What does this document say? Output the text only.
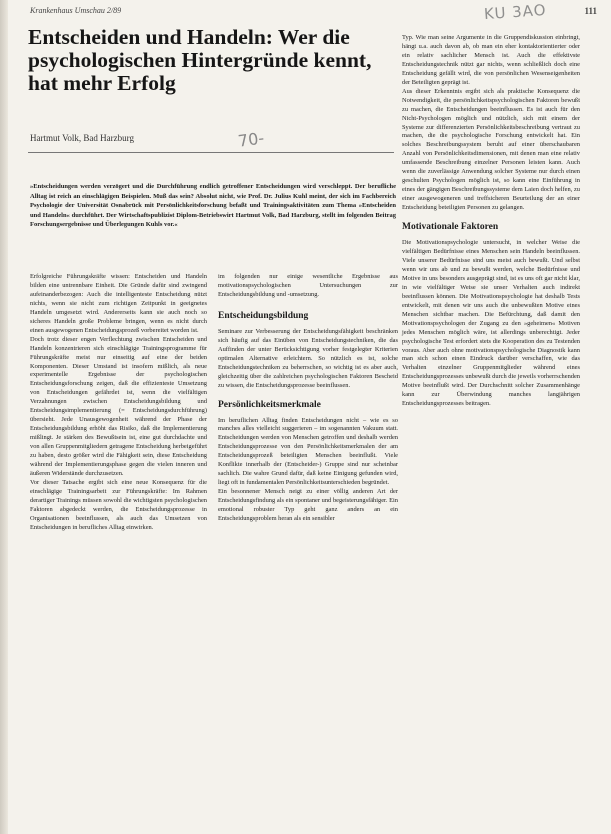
Krankenhaus Umschau 2/89	111
KU 3AO
Entscheiden und Handeln: Wer die psychologischen Hintergründe kennt, hat mehr Erfolg
Hartmut Volk, Bad Harzburg	70-
»Entscheidungen werden verzögert und die Durchführung endlich getroffener Entscheidungen wird verschleppt. Der berufliche Alltag ist reich an einschlägigen Beispielen. Muß das sein? Absolut nicht, wie Prof. Dr. Julius Kuhl meint, der sich im Fachbereich Psychologie der Universität Osnabrück mit Persönlichkeitsforschung befaßt und Trainingsaktivitäten zum Thema »Entscheiden und Handeln« durchführt. Der Wirtschaftspublizist Diplom-Betriebswirt Hartmut Volk, Bad Harzburg, stellt im folgenden Beitrag Forschungsergebnisse und Überlegungen Kuhls vor.«

Erfolgreiche Führungskräfte wissen: Entscheiden und Handeln bilden eine untrennbare Einheit. Die Gründe dafür sind zwingend aufeinanderbezogen: Auch die intelligenteste Entscheidung nützt nichts, wenn sie nicht zum richtigen Zeitpunkt in geeignetes Handeln umgesetzt wird. Andererseits kann sie auch noch so sicheres Handeln große Probleme bringen, wenn es nicht durch einen ausgewogenen Entscheidungsprozeß vorbereitet worden ist.

Doch trotz dieser engen Verflechtung zwischen Entscheiden und Handeln konzentrieren sich einschlägige Trainingsprogramme für Führungskräfte meist nur einseitig auf eine der beiden Komponenten. Dieser Umstand ist insofern mißlich, als neue experimentelle Ergebnisse der psychologischen Entscheidungsforschung zeigen, daß die effizienteste Umsetzung von Entscheidungen gefährdet ist, wenn die vielfältigen Verzahnungen zwischen Entscheidungsbildung und Entscheidungsimplementierung (= Entscheidungsdurchführung) übersieht. Jede Unausgewogenheit während der Phase der Entscheidungsbildung erhöht das Risiko, daß die Implementierung mißlingt. Je stärken des Bewußtsein ist, eine gut durchdachte und von allen Gruppenmitgliedern getragene Entscheidung herbeigeführt zu haben, desto größer wird die Fähigkeit sein, diese Entscheidung während der Implementierungsphase gegen die vielen inneren und äußeren Widerstände durchzusetzen.

Vor dieser Tatsache ergibt sich eine neue Konsequenz für die einschlägige Trainingsarbeit zur Führungskräfte: Im Rahmen derartiger Trainings müssen sowohl die wichtigsten psychologischen Faktoren abgedeckt werden, die Entscheidungsprozesse in Organisationen beeinflussen, als auch das Umsetzen von Entscheidungen in berufliches Alltag einwirken.

im folgenden nur einige wesentliche Ergebnisse aus motivationspsychologischen Untersuchungen zur Entscheidungsbildung und -umsetzung.

Entscheidungsbildung

Seminare zur Verbesserung der Entscheidungsfähigkeit beschränken sich häufig auf das Einüben von Entscheidungstechniken, die das Auffinden der unter Berücksichtigung vorher festgelegter Kriterien optimalen Alternative erleichtern. So nützlich es ist, solche Entscheidungstechniken zu beherrschen, so wichtig ist es aber auch, gleichzeitig über die zahlreichen psychologischen Faktoren Bescheid zu wissen, die Entscheidungsprozesse beeinflussen.

Persönlichkeitsmerkmale

Im beruflichen Alltag finden Entscheidungen nicht – wie es so manches alles vielleicht suggerieren – im sogenannten Vakuum statt. Entscheidungen werden von Menschen getroffen und deshalb werden Entscheidungsprozesse von den Persönlichkeitsmerkmalen der am Entscheidungsprozeß beteiligten Menschen beeinflußt. Viele Konflikte innerhalb der (Entscheider-) Gruppe sind nur scheinbar sachlich. Die wahre Grund dafür, daß keine Einigung gefunden wird, liegt oft in fundamentalen Persönlichkeitsunterschieden begründet.

Ein besonnener Mensch neigt zu einer völlig anderen Art der Entscheidungsfindung als ein spontaner und begeisterungsfähiger. Ein emotional robuster Typ geht ganz anders an ein Entscheidungsproblem heran als ein sensibler

Typ. Wie man seine Argumente in die Gruppendiskussion einbringt, hängt u.a. auch davon ab, ob man ein eher kontaktorientierter oder ein relativ sachlicher Mensch ist. Auch die effektivste Entscheidungstechnik nützt gar nichts, wenn schließlich doch eine Entscheidung gefällt wird, die von persönlichen Wesenseigenheiten der Beteiligten geprägt ist.

Aus dieser Erkenntnis ergibt sich als praktische Konsequenz die Notwendigkeit, die persönlichkeitspsychologischen Faktoren bewußt zu machen, die Entscheidungen beeinflussen. Es ist auch für den Nicht-Psychologen möglich und nützlich, sich mit einem der Systeme zur differenzierten Persönlichkeitsbeschreibung vertraut zu machen, die die psychologische Forschung entwickelt hat. Ein solches Beschreibungssystem beruht auf einer überschaubaren Anzahl von Persönlichkeitsdimensionen, mit denen man eine relativ umfassende Beschreibung einzelner Personen leisten kann. Auch wenn die zuverlässige Anwendung solcher Systeme nur durch einen geschulten Psychologen möglich ist, so kann eine Einführung in eines der gängigen Beschreibungssysteme dem Laien doch helfen, zu einer ausgewogeneren und treffsicheren Beurteilung der an einer Entscheidung beteiligten Personen zu gelangen.

Motivationale Faktoren

Die Motivationspsychologie untersucht, in welcher Weise die vielfältigen Bedürfnisse eines Menschen sein Handeln beeinflussen. Viele unserer Bedürfnisse sind uns meist auch bewußt. Und selbst wenn wir uns ab und zu bewußt werden, welche Bedürfnisse und Motive in uns besonders ausgeprägt sind, ist es uns oft gar nicht klar, in wie vielfältiger Weise sie unser Verhalten auch indirekt beeinflussen können. Die Motivationspsychologie hat deshalb Tests entwickelt, mit denen wir uns auch die unbewußten Motive eines Menschen sichtbar machen. Die Befürchtung, daß damit den Motivationspsychologen der Zugang zu den »geheimen« Motiven jedes Menschen möglich wäre, ist allerdings unberechtigt. Jeder psychologische Test erfordert stets die Kooperation des zu Testenden voraus. Aber auch ohne motivationspsychologische Diagnostik kann man sich schon einen Eindruck darüber verschaffen, wie das Verhalten einzelner Gruppenmitglieder während eines Entscheidungsprozesses unbewußt durch die jeweils vorherrschenden Motive beeinflußt wird. Der Durchschnitt solcher Zusammenhänge kann zur Überwindung manches langjährigen Entscheidungsprozesses beitragen.
